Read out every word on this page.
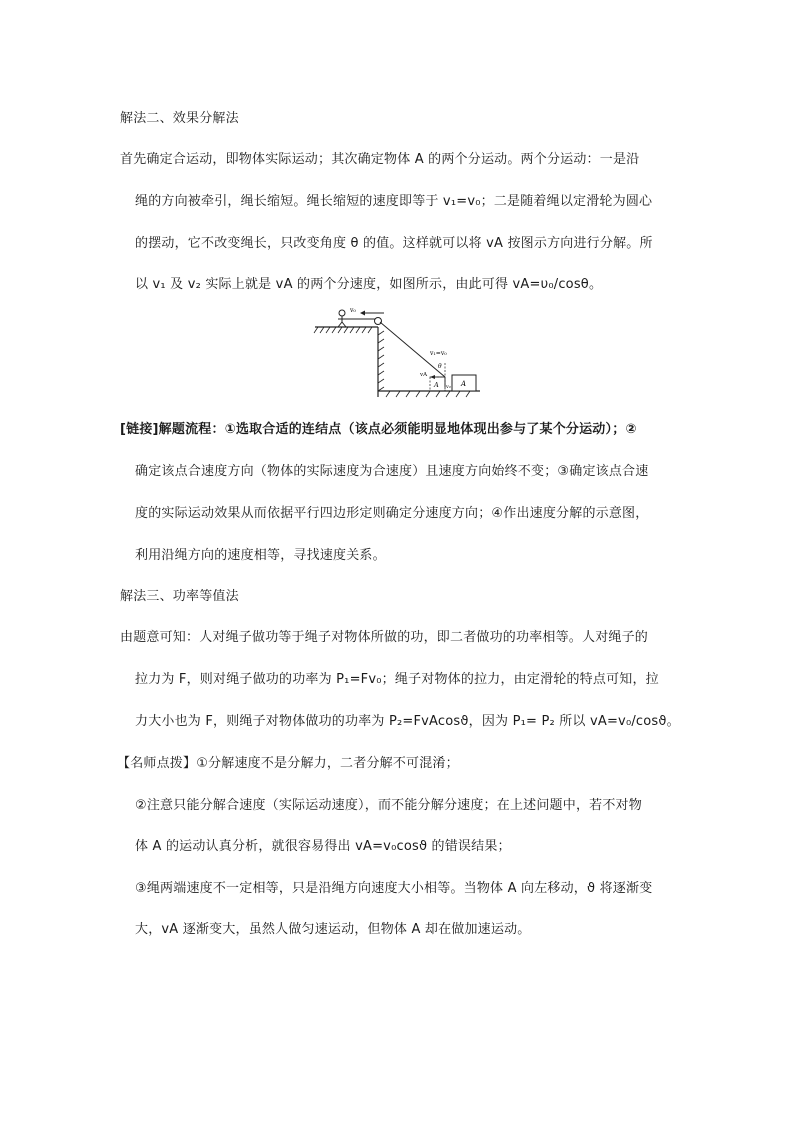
解法二、效果分解法
首先确定合运动，即物体实际运动；其次确定物体 A 的两个分运动。两个分运动：一是沿
绳的方向被牵引，绳长缩短。绳长缩短的速度即等于 v₁=v₀；二是随着绳以定滑轮为圆心
的摆动，它不改变绳长，只改变角度 θ 的值。这样就可以将 vA 按图示方向进行分解。所
以 v₁ 及 v₂ 实际上就是 vA 的两个分速度，如图所示，由此可得 vA=υ₀/cosθ。
v₀
v₁=v₀
θ
vA
v₂
A	A
[链接]解题流程：①选取合适的连结点（该点必须能明显地体现出参与了某个分运动）；②
确定该点合速度方向（物体的实际速度为合速度）且速度方向始终不变；③确定该点合速
度的实际运动效果从而依据平行四边形定则确定分速度方向；④作出速度分解的示意图，
利用沿绳方向的速度相等，寻找速度关系。
解法三、功率等值法
由题意可知：人对绳子做功等于绳子对物体所做的功，即二者做功的功率相等。人对绳子的
拉力为 F，则对绳子做功的功率为 P₁=Fv₀；绳子对物体的拉力，由定滑轮的特点可知，拉
力大小也为 F，则绳子对物体做功的功率为 P₂=FvAcosϑ，因为 P₁= P₂ 所以 vA=v₀/cosϑ。
【名师点拨】①分解速度不是分解力，二者分解不可混淆；
②注意只能分解合速度（实际运动速度），而不能分解分速度；在上述问题中，若不对物
体 A 的运动认真分析，就很容易得出 vA=v₀cosϑ 的错误结果；
③绳两端速度不一定相等，只是沿绳方向速度大小相等。当物体 A 向左移动，ϑ 将逐渐变
大，vA 逐渐变大，虽然人做匀速运动，但物体 A 却在做加速运动。
